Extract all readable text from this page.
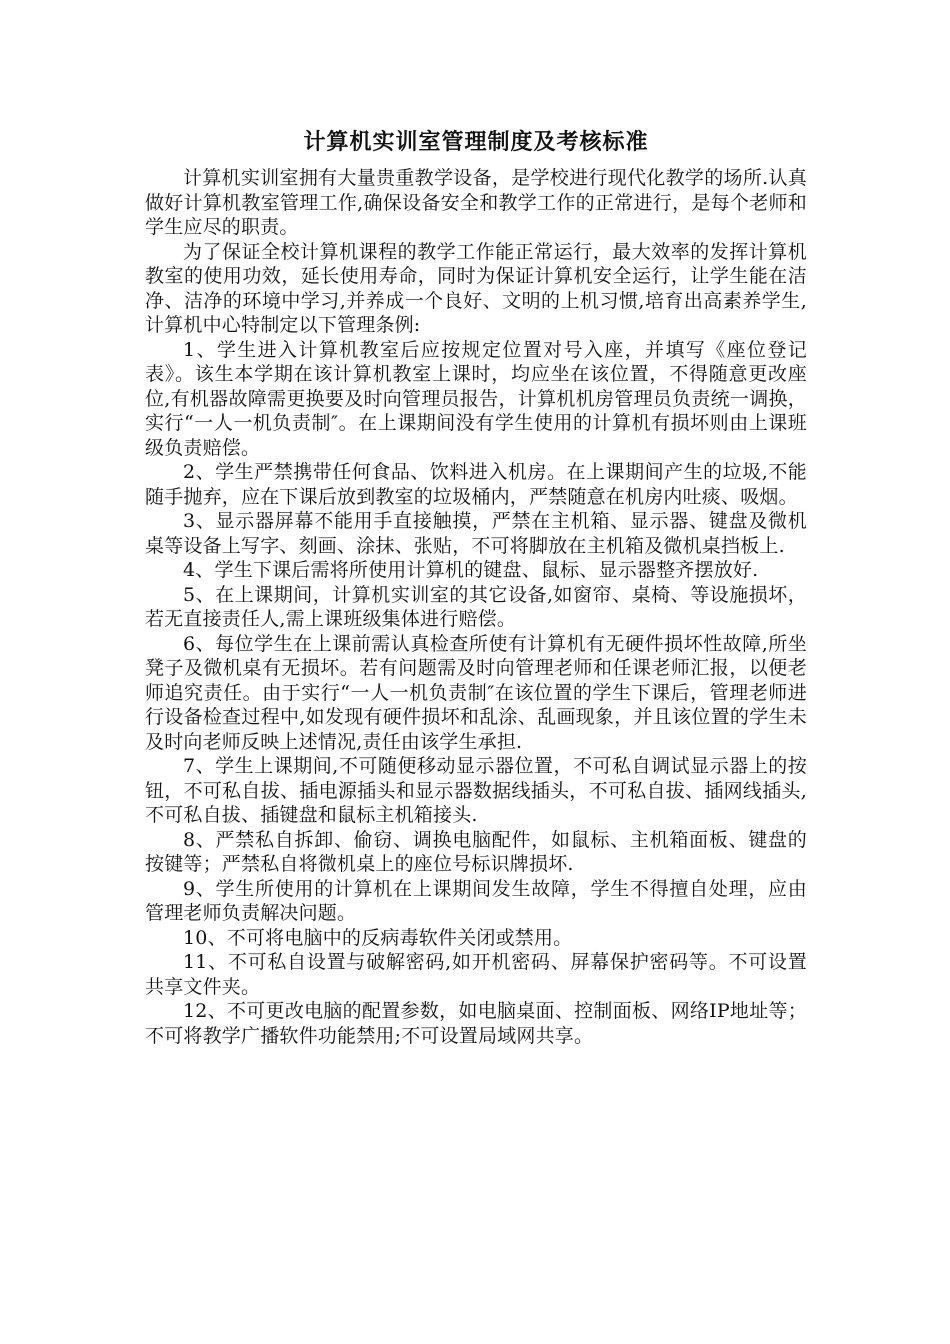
计算机实训室管理制度及考核标准

计算机实训室拥有大量贵重教学设备，是学校进行现代化教学的场所.认真做好计算机教室管理工作,确保设备安全和教学工作的正常进行，是每个老师和学生应尽的职责。

为了保证全校计算机课程的教学工作能正常运行，最大效率的发挥计算机教室的使用功效，延长使用寿命，同时为保证计算机安全运行，让学生能在洁净、洁净的环境中学习,并养成一个良好、文明的上机习惯,培育出高素养学生,计算机中心特制定以下管理条例:

1、学生进入计算机教室后应按规定位置对号入座，并填写《座位登记表》。该生本学期在该计算机教室上课时，均应坐在该位置，不得随意更改座位,有机器故障需更换要及时向管理员报告，计算机机房管理员负责统一调换，实行“一人一机负责制″。在上课期间没有学生使用的计算机有损坏则由上课班级负责赔偿。

2、学生严禁携带任何食品、饮料进入机房。在上课期间产生的垃圾,不能随手抛弃，应在下课后放到教室的垃圾桶内，严禁随意在机房内吐痰、吸烟。

3、显示器屏幕不能用手直接触摸，严禁在主机箱、显示器、键盘及微机桌等设备上写字、刻画、涂抹、张贴，不可将脚放在主机箱及微机桌挡板上.

4、学生下课后需将所使用计算机的键盘、鼠标、显示器整齐摆放好.

5、在上课期间，计算机实训室的其它设备,如窗帘、桌椅、等设施损坏，若无直接责任人,需上课班级集体进行赔偿。

6、每位学生在上课前需认真检查所使有计算机有无硬件损坏性故障,所坐凳子及微机桌有无损坏。若有问题需及时向管理老师和任课老师汇报，以便老师追究责任。由于实行“一人一机负责制″在该位置的学生下课后，管理老师进行设备检查过程中,如发现有硬件损坏和乱涂、乱画现象，并且该位置的学生未及时向老师反映上述情况,责任由该学生承担.

7、学生上课期间,不可随便移动显示器位置，不可私自调试显示器上的按钮，不可私自拔、插电源插头和显示器数据线插头，不可私自拔、插网线插头,不可私自拔、插键盘和鼠标主机箱接头.

8、严禁私自拆卸、偷窃、调换电脑配件，如鼠标、主机箱面板、键盘的按键等；严禁私自将微机桌上的座位号标识牌损坏.

9、学生所使用的计算机在上课期间发生故障，学生不得擅自处理，应由管理老师负责解决问题。

10、不可将电脑中的反病毒软件关闭或禁用。

11、不可私自设置与破解密码,如开机密码、屏幕保护密码等。不可设置共享文件夹。

12、不可更改电脑的配置参数，如电脑桌面、控制面板、网络IP地址等；不可将教学广播软件功能禁用;不可设置局域网共享。
